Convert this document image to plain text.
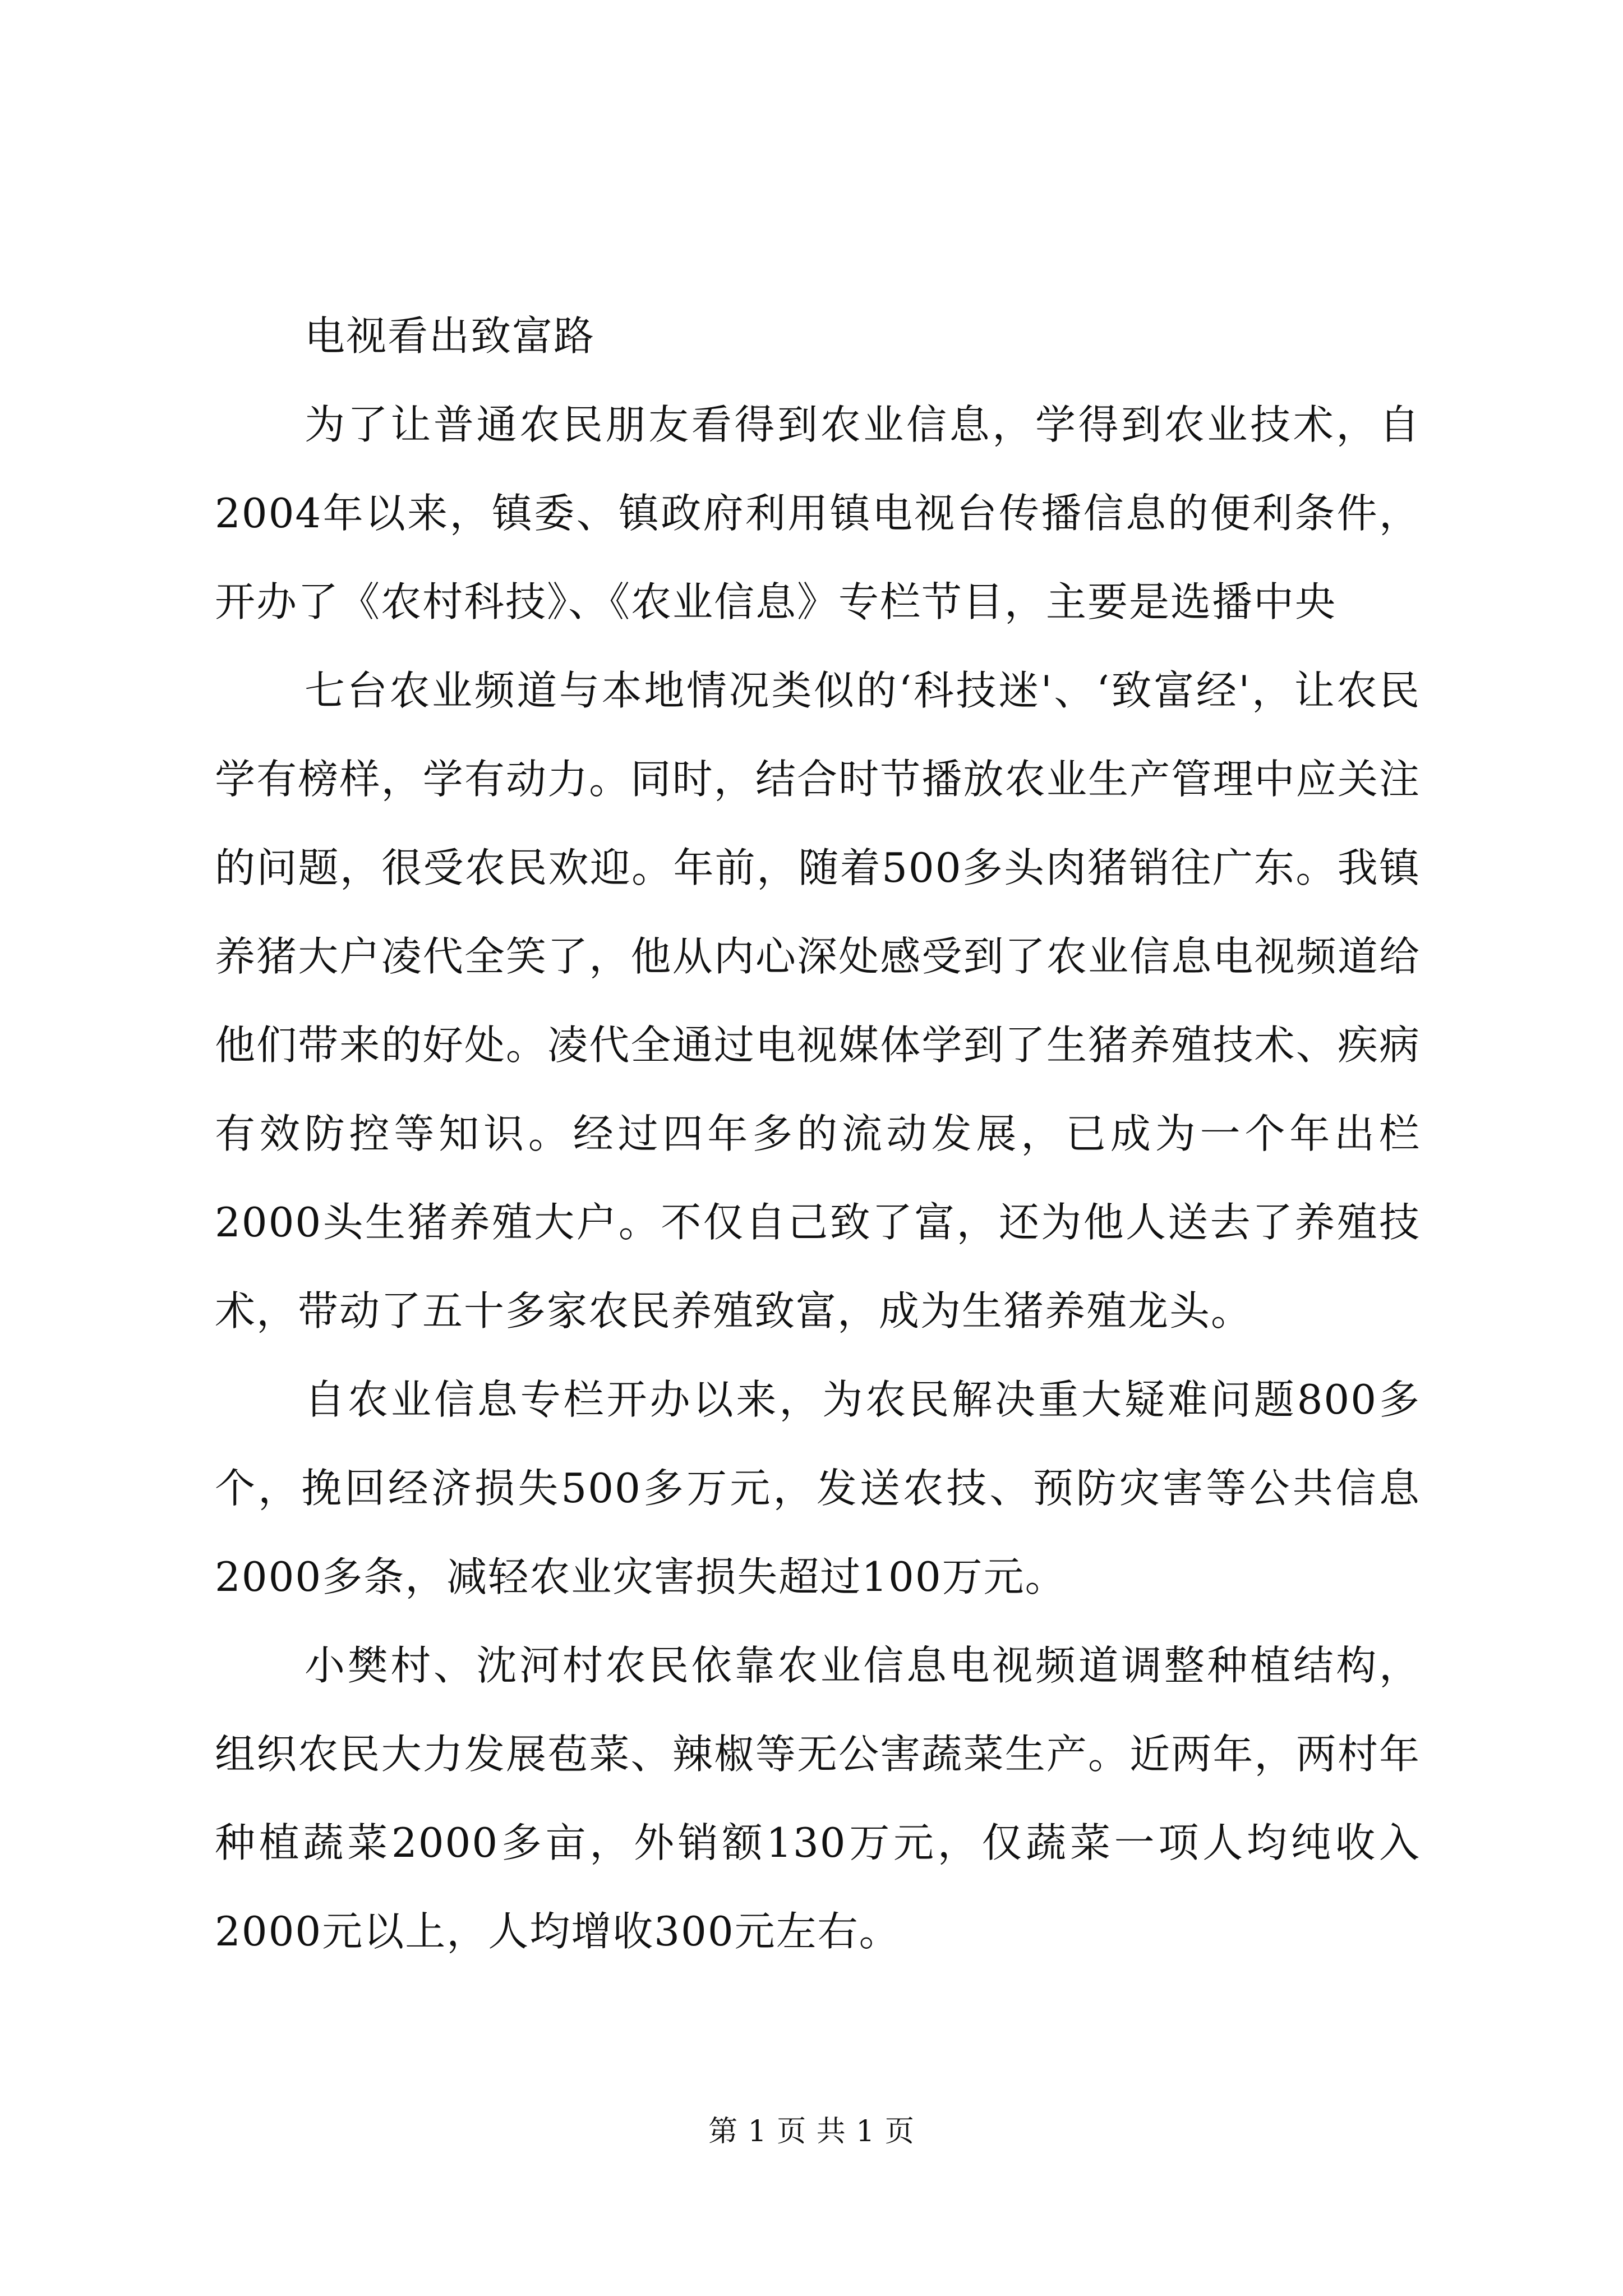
电视看出致富路

为了让普通农民朋友看得到农业信息，学得到农业技术，自2004年以来，镇委、镇政府利用镇电视台传播信息的便利条件，开办了《农村科技》、《农业信息》专栏节目，主要是选播中央

七台农业频道与本地情况类似的‘科技迷'、‘致富经'，让农民学有榜样，学有动力。同时，结合时节播放农业生产管理中应关注的问题，很受农民欢迎。年前，随着500多头肉猪销往广东。我镇养猪大户凌代全笑了，他从内心深处感受到了农业信息电视频道给他们带来的好处。凌代全通过电视媒体学到了生猪养殖技术、疾病有效防控等知识。经过四年多的流动发展，已成为一个年出栏2000头生猪养殖大户。不仅自己致了富，还为他人送去了养殖技术，带动了五十多家农民养殖致富，成为生猪养殖龙头。

自农业信息专栏开办以来，为农民解决重大疑难问题800多个，挽回经济损失500多万元，发送农技、预防灾害等公共信息2000多条，减轻农业灾害损失超过100万元。

小樊村、沈河村农民依靠农业信息电视频道调整种植结构，组织农民大力发展苞菜、辣椒等无公害蔬菜生产。近两年，两村年种植蔬菜2000多亩，外销额130万元，仅蔬菜一项人均纯收入2000元以上，人均增收300元左右。

第 1 页 共 1 页
